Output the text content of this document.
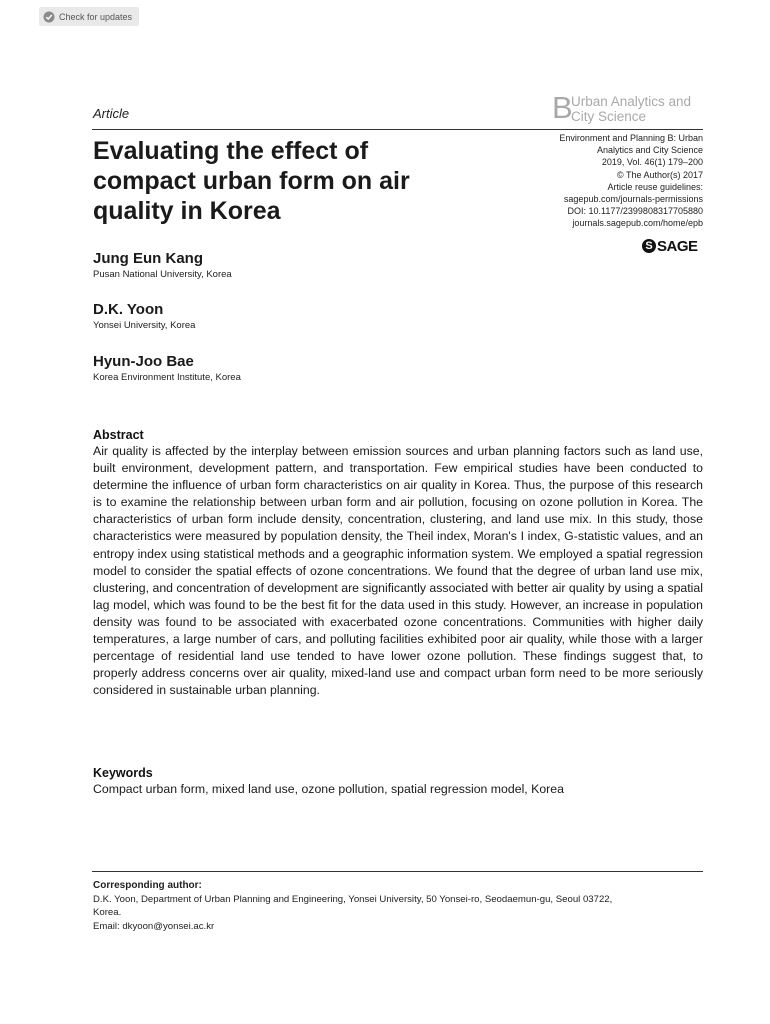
Check for updates
Article	B
Urban Analytics and City Science
Evaluating the effect of compact urban form on air quality in Korea
Environment and Planning B: Urban
Analytics and City Science
2019, Vol. 46(1) 179–200
© The Author(s) 2017
Article reuse guidelines:
sagepub.com/journals-permissions
DOI: 10.1177/2399808317705880
journals.sagepub.com/home/epb
S SAGE
Jung Eun Kang
Pusan National University, Korea
D.K. Yoon
Yonsei University, Korea
Hyun-Joo Bae
Korea Environment Institute, Korea
Abstract
Air quality is affected by the interplay between emission sources and urban planning factors such as land use, built environment, development pattern, and transportation. Few empirical studies have been conducted to determine the influence of urban form characteristics on air quality in Korea. Thus, the purpose of this research is to examine the relationship between urban form and air pollution, focusing on ozone pollution in Korea. The characteristics of urban form include density, concentration, clustering, and land use mix. In this study, those characteristics were measured by population density, the Theil index, Moran's I index, G-statistic values, and an entropy index using statistical methods and a geographic information system. We employed a spatial regression model to consider the spatial effects of ozone concentrations. We found that the degree of urban land use mix, clustering, and concentration of development are significantly associated with better air quality by using a spatial lag model, which was found to be the best fit for the data used in this study. However, an increase in population density was found to be associated with exacerbated ozone concentrations. Communities with higher daily temperatures, a large number of cars, and polluting facilities exhibited poor air quality, while those with a larger percentage of residential land use tended to have lower ozone pollution. These findings suggest that, to properly address concerns over air quality, mixed-land use and compact urban form need to be more seriously considered in sustainable urban planning.
Keywords
Compact urban form, mixed land use, ozone pollution, spatial regression model, Korea
Corresponding author:
D.K. Yoon, Department of Urban Planning and Engineering, Yonsei University, 50 Yonsei-ro, Seodaemun-gu, Seoul 03722,
Korea.
Email: dkyoon@yonsei.ac.kr
